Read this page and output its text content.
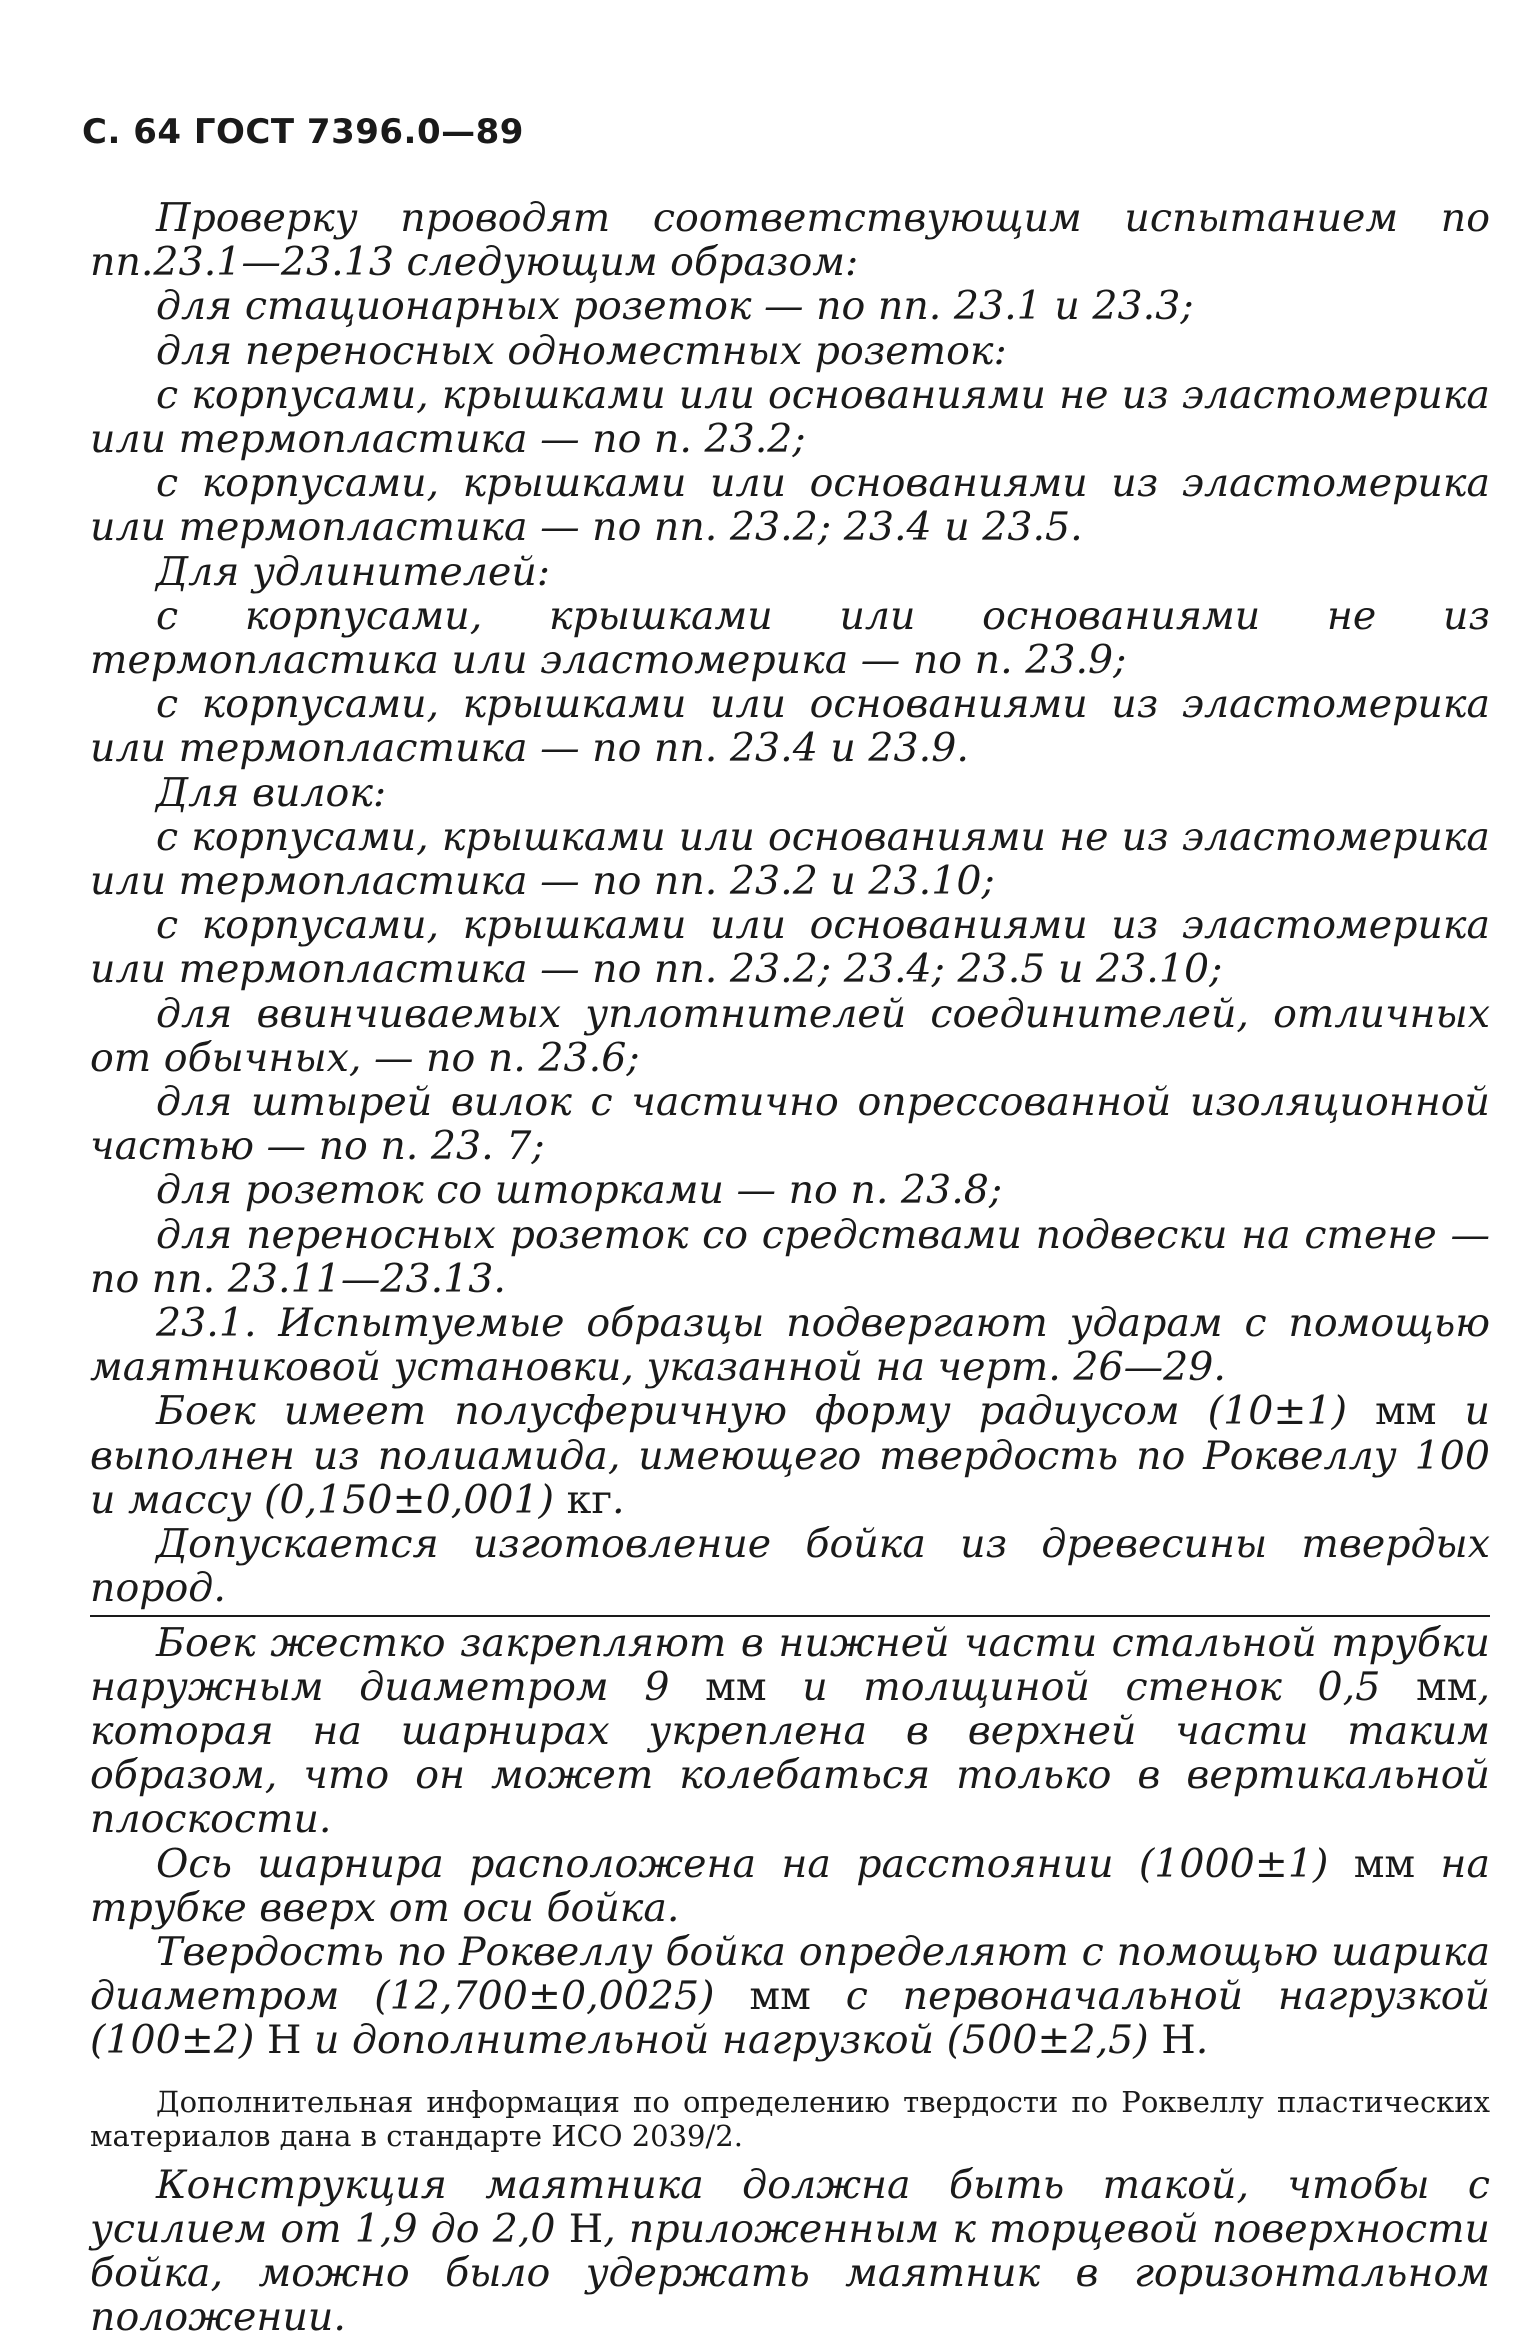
С. 64 ГОСТ 7396.0—89

Проверку проводят соответствующим испытанием по пп.23.1—23.13 следующим образом:

для стационарных розеток — по пп. 23.1 и 23.3;

для переносных одноместных розеток:

с корпусами, крышками или основаниями не из эластомерика или термопластика — по п. 23.2;

с корпусами, крышками или основаниями из эластомерика или термопластика — по пп. 23.2; 23.4 и 23.5.

Для удлинителей:

с корпусами, крышками или основаниями не из термопластика или эластомерика — по п. 23.9;

с корпусами, крышками или основаниями из эластомерика или термопластика — по пп. 23.4 и 23.9.

Для вилок:

с корпусами, крышками или основаниями не из эластомерика или термопластика — по пп. 23.2 и 23.10;

с корпусами, крышками или основаниями из эластомерика или термопластика — по пп. 23.2; 23.4; 23.5 и 23.10;

для ввинчиваемых уплотнителей соединителей, отличных от обычных, — по п. 23.6;

для штырей вилок с частично опрессованной изоляционной частью — по п. 23. 7;

для розеток со шторками — по п. 23.8;

для переносных розеток со средствами подвески на стене — по пп. 23.11—23.13.

23.1. Испытуемые образцы подвергают ударам с помощью маятниковой установки, указанной на черт. 26—29.

Боек имеет полусферичную форму радиусом (10±1) мм и выполнен из полиамида, имеющего твердость по Роквеллу 100 и массу (0,150±0,001) кг.

Допускается изготовление бойка из древесины твердых пород.

Боек жестко закрепляют в нижней части стальной трубки наружным диаметром 9 мм и толщиной стенок 0,5 мм, которая на шарнирах укреплена в верхней части таким образом, что он может колебаться только в вертикальной плоскости.

Ось шарнира расположена на расстоянии (1000±1) мм на трубке вверх от оси бойка.

Твердость по Роквеллу бойка определяют с помощью шарика диаметром (12,700±0,0025) мм с первоначальной нагрузкой (100±2) Н и дополнительной нагрузкой (500±2,5) Н.

Дополнительная информация по определению твердости по Роквеллу пластических материалов дана в стандарте ИСО 2039/2.

Конструкция маятника должна быть такой, чтобы с усилием от 1,9 до 2,0 Н, приложенным к торцевой поверхности бойка, можно было удержать маятник в горизонтальном положении.
